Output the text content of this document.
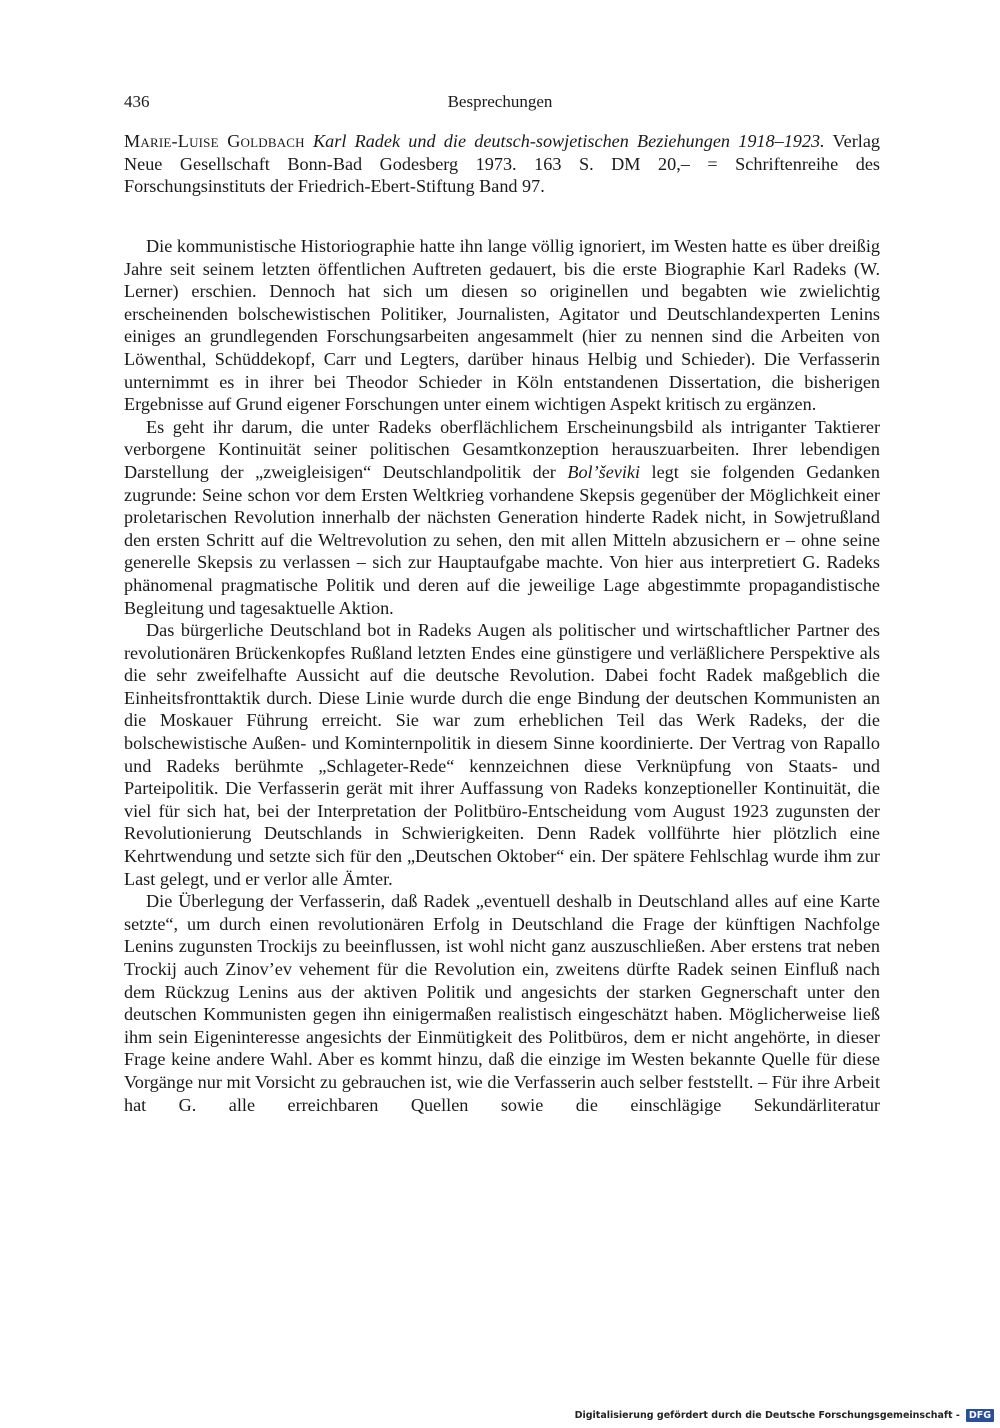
436	Besprechungen
Marie-Luise Goldbach Karl Radek und die deutsch-sowjetischen Beziehungen 1918–1923. Verlag Neue Gesellschaft Bonn-Bad Godesberg 1973. 163 S. DM 20,– = Schriftenreihe des Forschungsinstituts der Friedrich-Ebert-Stiftung Band 97.

Die kommunistische Historiographie hatte ihn lange völlig ignoriert, im Westen hatte es über dreißig Jahre seit seinem letzten öffentlichen Auftreten gedauert, bis die erste Biographie Karl Radeks (W. Lerner) erschien. Dennoch hat sich um diesen so originellen und begabten wie zwielichtig erscheinenden bolschewistischen Politiker, Journalisten, Agitator und Deutschlandexperten Lenins einiges an grundlegenden Forschungsarbeiten angesammelt (hier zu nennen sind die Arbeiten von Löwenthal, Schüddekopf, Carr und Legters, darüber hinaus Helbig und Schieder). Die Verfasserin unternimmt es in ihrer bei Theodor Schieder in Köln entstandenen Dissertation, die bisherigen Ergebnisse auf Grund eigener Forschungen unter einem wichtigen Aspekt kritisch zu ergänzen.

Es geht ihr darum, die unter Radeks oberflächlichem Erscheinungsbild als intriganter Taktierer verborgene Kontinuität seiner politischen Gesamtkonzeption herauszuarbeiten. Ihrer lebendigen Darstellung der „zweigleisigen“ Deutschlandpolitik der Bol’ševiki legt sie folgenden Gedanken zugrunde: Seine schon vor dem Ersten Weltkrieg vorhandene Skepsis gegenüber der Möglichkeit einer proletarischen Revolution innerhalb der nächsten Generation hinderte Radek nicht, in Sowjetrußland den ersten Schritt auf die Weltrevolution zu sehen, den mit allen Mitteln abzusichern er – ohne seine generelle Skepsis zu verlassen – sich zur Hauptaufgabe machte. Von hier aus interpretiert G. Radeks phänomenal pragmatische Politik und deren auf die jeweilige Lage abgestimmte propagandistische Begleitung und tagesaktuelle Aktion.

Das bürgerliche Deutschland bot in Radeks Augen als politischer und wirtschaftlicher Partner des revolutionären Brückenkopfes Rußland letzten Endes eine günstigere und verläßlichere Perspektive als die sehr zweifelhafte Aussicht auf die deutsche Revolution. Dabei focht Radek maßgeblich die Einheitsfronttaktik durch. Diese Linie wurde durch die enge Bindung der deutschen Kommunisten an die Moskauer Führung erreicht. Sie war zum erheblichen Teil das Werk Radeks, der die bolschewistische Außen- und Kominternpolitik in diesem Sinne koordinierte. Der Vertrag von Rapallo und Radeks berühmte „Schlageter-Rede“ kennzeichnen diese Verknüpfung von Staats- und Parteipolitik. Die Verfasserin gerät mit ihrer Auffassung von Radeks konzeptioneller Kontinuität, die viel für sich hat, bei der Interpretation der Politbüro-Entscheidung vom August 1923 zugunsten der Revolutionierung Deutschlands in Schwierigkeiten. Denn Radek vollführte hier plötzlich eine Kehrtwendung und setzte sich für den „Deutschen Oktober“ ein. Der spätere Fehlschlag wurde ihm zur Last gelegt, und er verlor alle Ämter.

Die Überlegung der Verfasserin, daß Radek „eventuell deshalb in Deutschland alles auf eine Karte setzte“, um durch einen revolutionären Erfolg in Deutschland die Frage der künftigen Nachfolge Lenins zugunsten Trockijs zu beeinflussen, ist wohl nicht ganz auszuschließen. Aber erstens trat neben Trockij auch Zinov’ev vehement für die Revolution ein, zweitens dürfte Radek seinen Einfluß nach dem Rückzug Lenins aus der aktiven Politik und angesichts der starken Gegnerschaft unter den deutschen Kommunisten gegen ihn einigermaßen realistisch eingeschätzt haben. Möglicherweise ließ ihm sein Eigeninteresse angesichts der Einmütigkeit des Politbüros, dem er nicht angehörte, in dieser Frage keine andere Wahl. Aber es kommt hinzu, daß die einzige im Westen bekannte Quelle für diese Vorgänge nur mit Vorsicht zu gebrauchen ist, wie die Verfasserin auch selber feststellt. – Für ihre Arbeit hat G. alle erreichbaren Quellen sowie die einschlägige Sekundärliteratur

Digitalisierung gefördert durch die Deutsche Forschungsgemeinschaft - DFG
